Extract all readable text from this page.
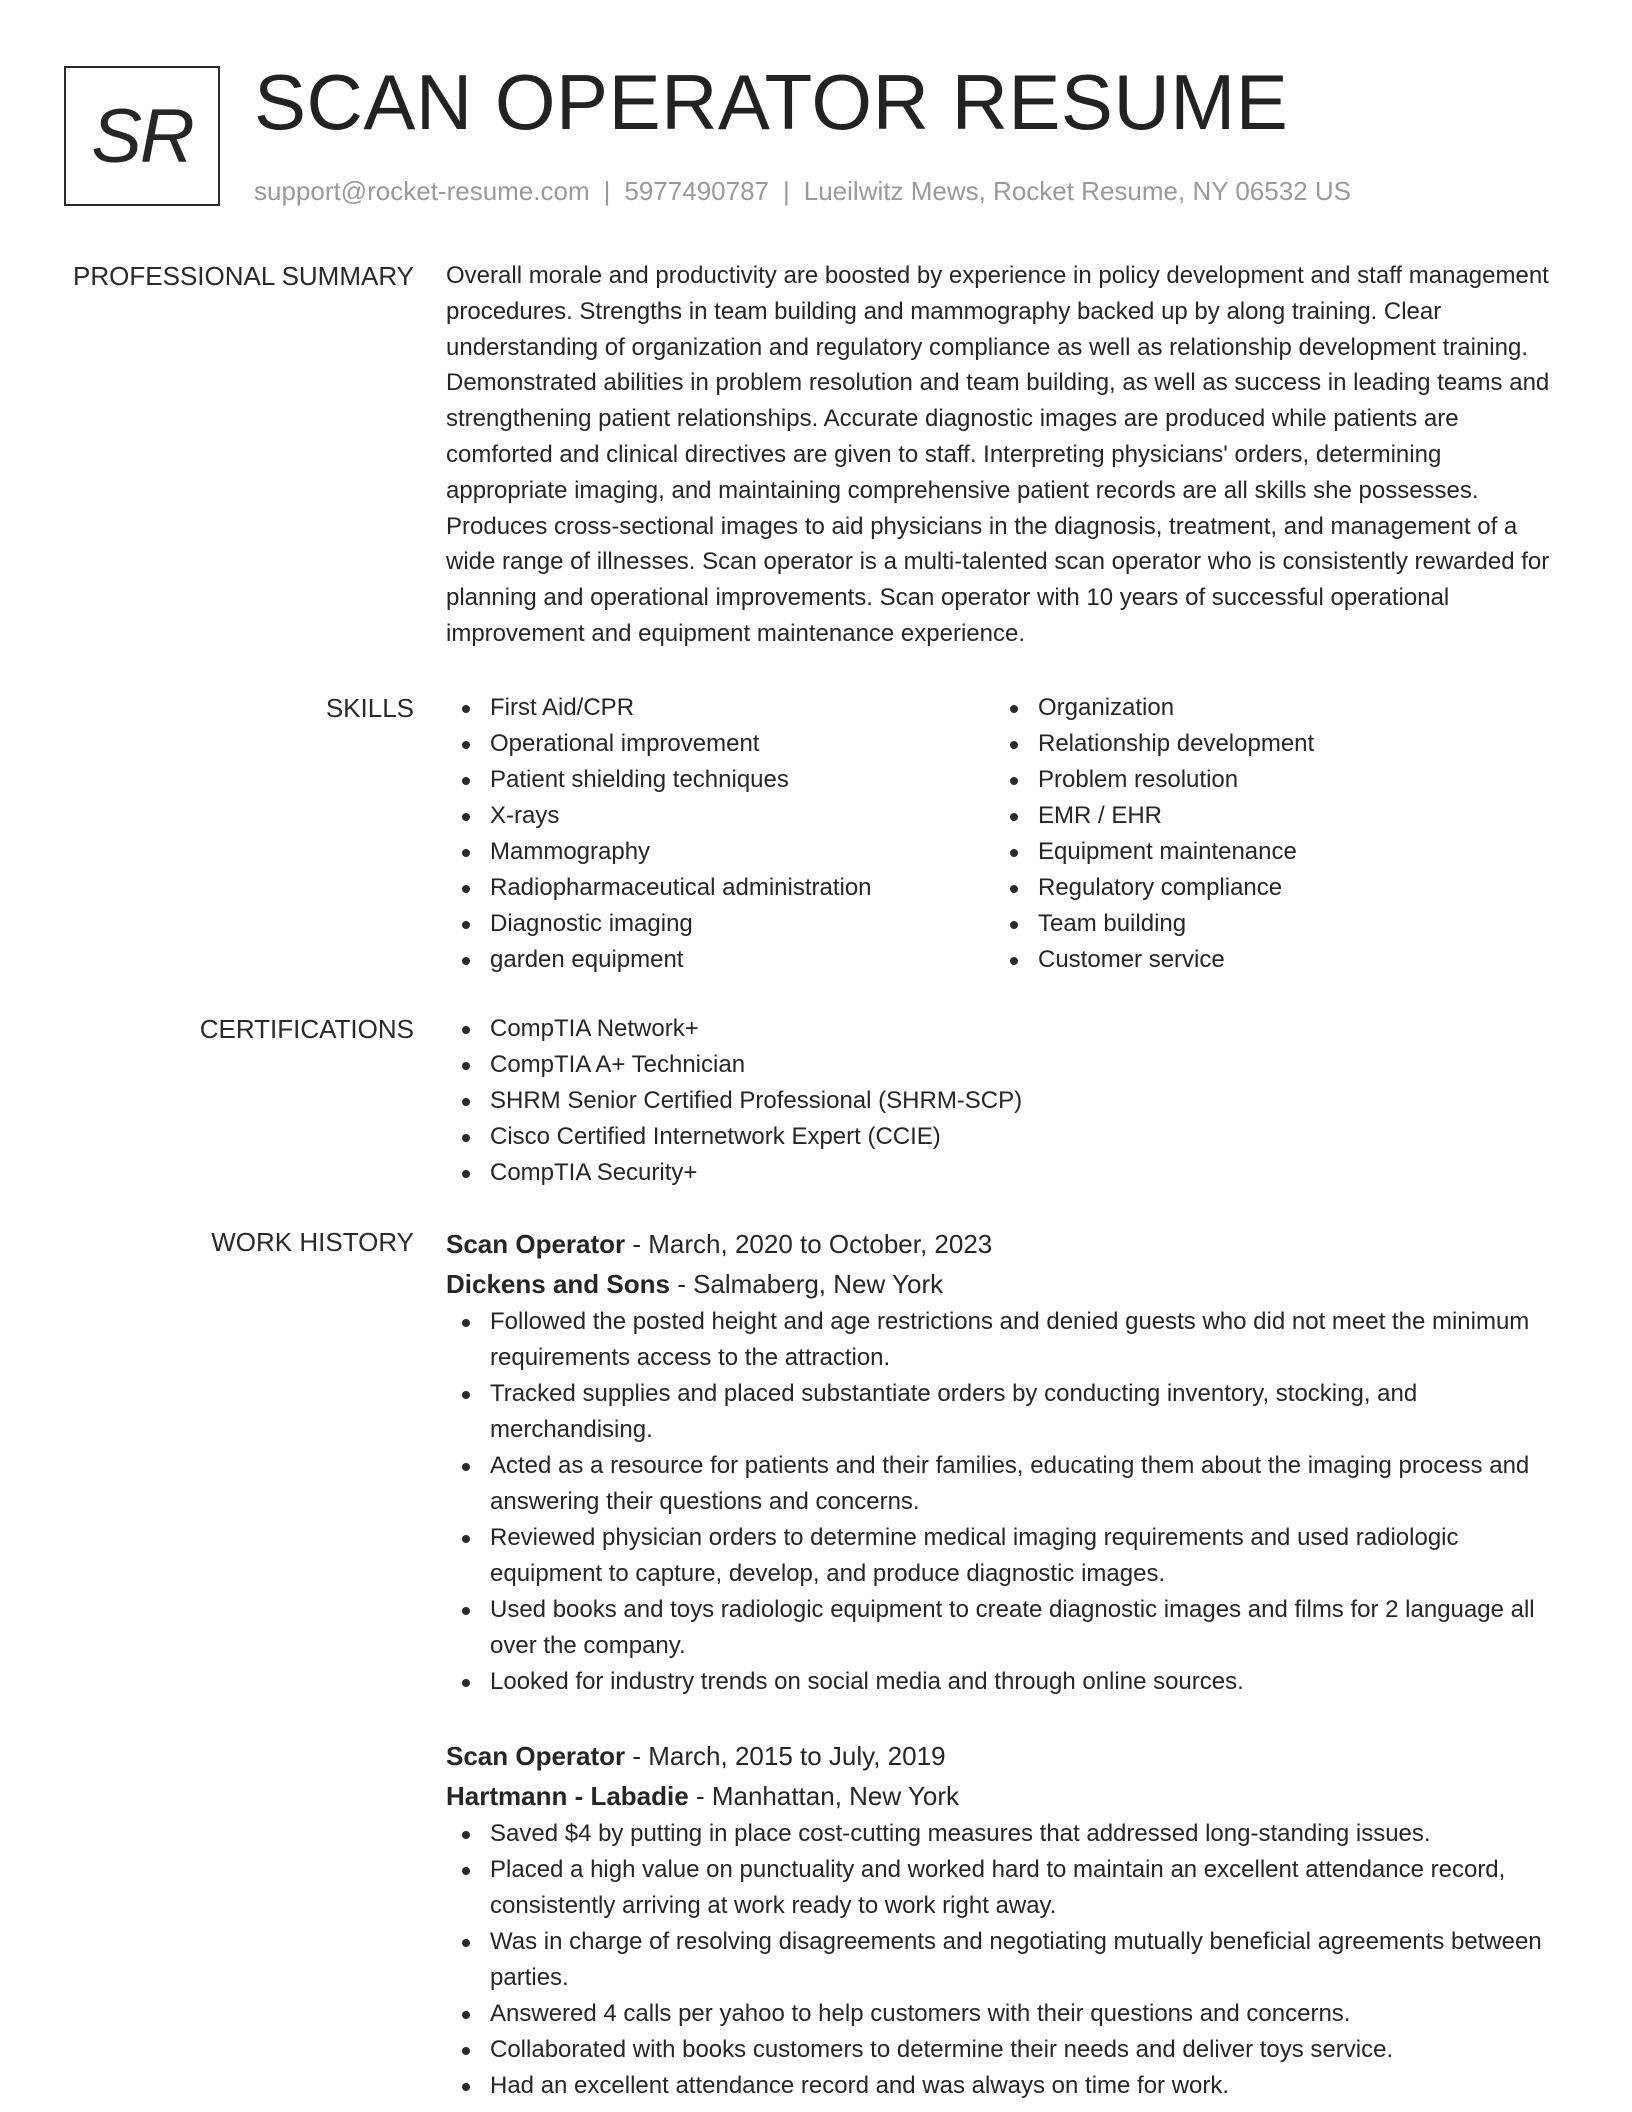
SR SCAN OPERATOR RESUME
support@rocket-resume.com | 5977490787 | Lueilwitz Mews, Rocket Resume, NY 06532 US
PROFESSIONAL SUMMARY Overall morale and productivity are boosted by experience in policy development and staff management procedures. Strengths in team building and mammography backed up by along training. Clear understanding of organization and regulatory compliance as well as relationship development training. Demonstrated abilities in problem resolution and team building, as well as success in leading teams and strengthening patient relationships. Accurate diagnostic images are produced while patients are comforted and clinical directives are given to staff. Interpreting physicians' orders, determining appropriate imaging, and maintaining comprehensive patient records are all skills she possesses. Produces cross-sectional images to aid physicians in the diagnosis, treatment, and management of a wide range of illnesses. Scan operator is a multi-talented scan operator who is consistently rewarded for planning and operational improvements. Scan operator with 10 years of successful operational improvement and equipment maintenance experience.

SKILLS	First Aid/CPR
Operational improvement
Patient shielding techniques
X-rays
Mammography
Radiopharmaceutical administration
Diagnostic imaging
garden equipment
Organization
Relationship development
Problem resolution
EMR / EHR
Equipment maintenance
Regulatory compliance
Team building
Customer service
CERTIFICATIONS	CompTIA Network+
CompTIA A+ Technician
SHRM Senior Certified Professional (SHRM-SCP)
Cisco Certified Internetwork Expert (CCIE)
CompTIA Security+
WORK HISTORY Scan Operator - March, 2020 to October, 2023
Dickens and Sons - Salmaberg, New York
Followed the posted height and age restrictions and denied guests who did not meet the minimum requirements access to the attraction.
Tracked supplies and placed substantiate orders by conducting inventory, stocking, and merchandising.
Acted as a resource for patients and their families, educating them about the imaging process and answering their questions and concerns.
Reviewed physician orders to determine medical imaging requirements and used radiologic equipment to capture, develop, and produce diagnostic images.
Used books and toys radiologic equipment to create diagnostic images and films for 2 language all over the company.
Looked for industry trends on social media and through online sources.
Scan Operator - March, 2015 to July, 2019
Hartmann - Labadie - Manhattan, New York
Saved $4 by putting in place cost-cutting measures that addressed long-standing issues.
Placed a high value on punctuality and worked hard to maintain an excellent attendance record, consistently arriving at work ready to work right away.
Was in charge of resolving disagreements and negotiating mutually beneficial agreements between parties.
Answered 4 calls per yahoo to help customers with their questions and concerns.
Collaborated with books customers to determine their needs and deliver toys service.
Had an excellent attendance record and was always on time for work.
